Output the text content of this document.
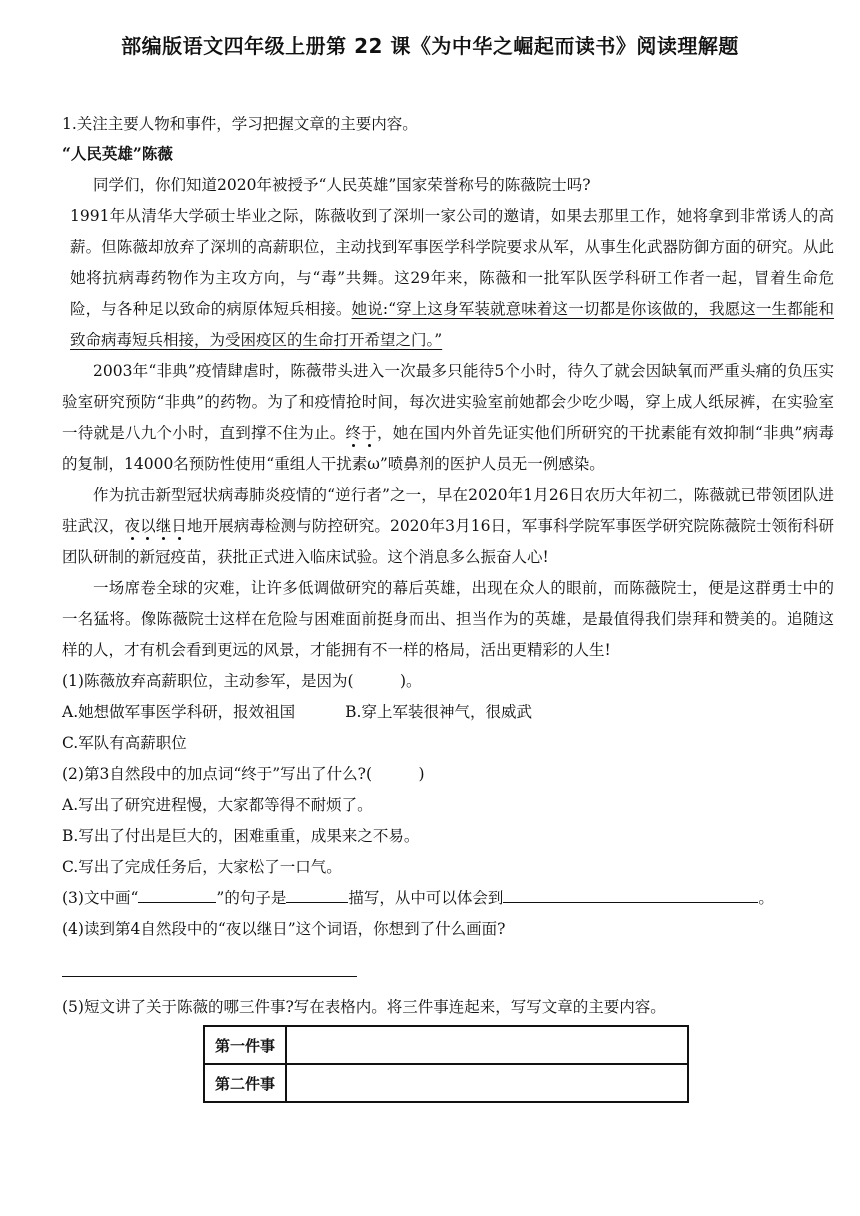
部编版语文四年级上册第 22 课《为中华之崛起而读书》阅读理解题

1.关注主要人物和事件，学习把握文章的主要内容。

“人民英雄”陈薇

同学们，你们知道2020年被授予“人民英雄”国家荣誉称号的陈薇院士吗?

1991年从清华大学硕士毕业之际，陈薇收到了深圳一家公司的邀请，如果去那里工作，她将拿到非常诱人的高薪。但陈薇却放弃了深圳的高薪职位，主动找到军事医学科学院要求从军，从事生化武器防御方面的研究。从此她将抗病毒药物作为主攻方向，与“毒”共舞。这29年来，陈薇和一批军队医学科研工作者一起，冒着生命危险，与各种足以致命的病原体短兵相接。她说:“穿上这身军装就意味着这一切都是你该做的，我愿这一生都能和致命病毒短兵相接，为受困疫区的生命打开希望之门。”

2003年“非典”疫情肆虐时，陈薇带头进入一次最多只能待5个小时，待久了就会因缺氧而严重头痛的负压实验室研究预防“非典”的药物。为了和疫情抢时间，每次进实验室前她都会少吃少喝，穿上成人纸尿裤，在实验室一待就是八九个小时，直到撑不住为止。终于，她在国内外首先证实他们所研究的干扰素能有效抑制“非典”病毒的复制，14000名预防性使用“重组人干扰素ω”喷鼻剂的医护人员无一例感染。

作为抗击新型冠状病毒肺炎疫情的“逆行者”之一，早在2020年1月26日农历大年初二，陈薇就已带领团队进驻武汉，夜以继日地开展病毒检测与防控研究。2020年3月16日，军事科学院军事医学研究院陈薇院士领衔科研团队研制的新冠疫苗，获批正式进入临床试验。这个消息多么振奋人心!

一场席卷全球的灾难，让许多低调做研究的幕后英雄，出现在众人的眼前，而陈薇院士，便是这群勇士中的一名猛将。像陈薇院士这样在危险与困难面前挺身而出、担当作为的英雄，是最值得我们崇拜和赞美的。追随这样的人，才有机会看到更远的风景，才能拥有不一样的格局，活出更精彩的人生!

(1)陈薇放弃高薪职位，主动参军，是因为(　　　)。

A.她想做军事医学科研，报效祖国	B.穿上军装很神气，很威武

C.军队有高薪职位

(2)第3自然段中的加点词“终于”写出了什么?(　　　)

A.写出了研究进程慢，大家都等得不耐烦了。

B.写出了付出是巨大的，困难重重，成果来之不易。

C.写出了完成任务后，大家松了一口气。

(3)文中画“	”的句子是	描写，从中可以体会到	。

(4)读到第4自然段中的“夜以继日”这个词语，你想到了什么画面?

(5)短文讲了关于陈薇的哪三件事?写在表格内。将三件事连起来，写写文章的主要内容。

第一件事	
第二件事	
